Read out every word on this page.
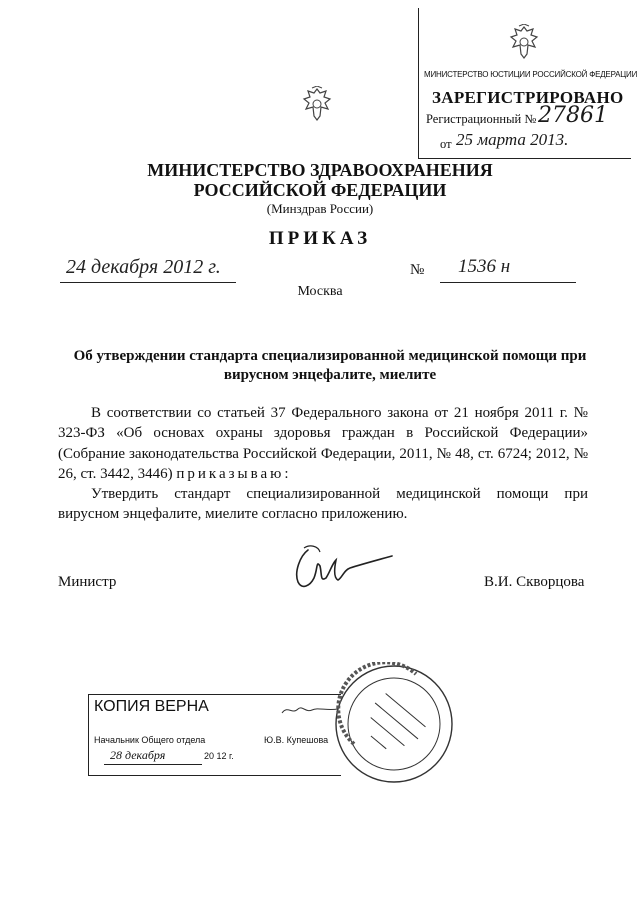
МИНИСТЕРСТВО ЮСТИЦИИ РОССИЙСКОЙ ФЕДЕРАЦИИ
ЗАРЕГИСТРИРОВАНО
Регистрационный № 27861
от 25 марта 2013.
МИНИСТЕРСТВО ЗДРАВООХРАНЕНИЯ
РОССИЙСКОЙ ФЕДЕРАЦИИ
(Минздрав России)
ПРИКАЗ
24 декабря 2012 г.	№ 1536 н
Москва
Об утверждении стандарта специализированной медицинской помощи при вирусном энцефалите, миелите

В соответствии со статьей 37 Федерального закона от 21 ноября 2011 г. № 323-ФЗ «Об основах охраны здоровья граждан в Российской Федерации» (Собрание законодательства Российской Федерации, 2011, № 48, ст. 6724; 2012, № 26, ст. 3442, 3446) приказываю:

Утвердить стандарт специализированной медицинской помощи при вирусном энцефалите, миелите согласно приложению.

Министр	В.И. Скворцова
КОПИЯ ВЕРНА
Начальник Общего отдела	Ю.В. Купешова
28 декабря	20 12 г.
